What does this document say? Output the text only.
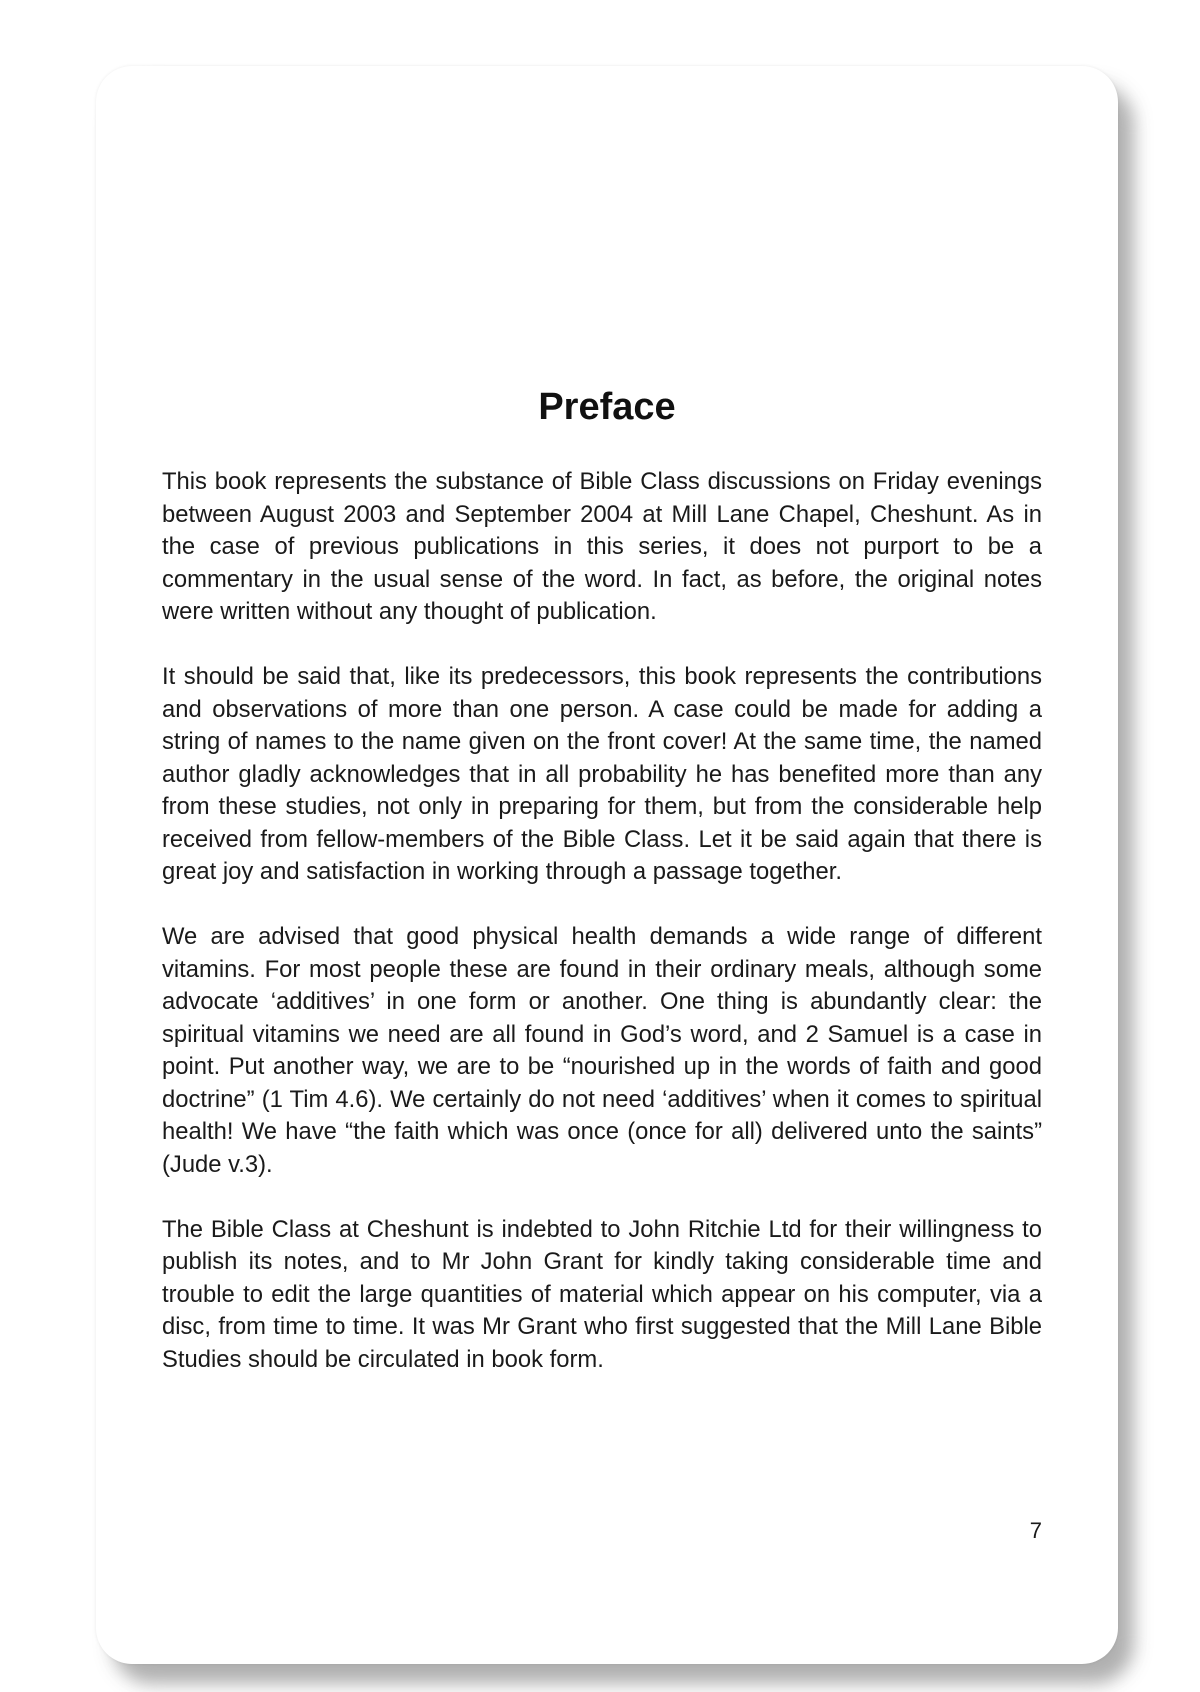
Preface

This book represents the substance of Bible Class discussions on Friday evenings between August 2003 and September 2004 at Mill Lane Chapel, Cheshunt. As in the case of previous publications in this series, it does not purport to be a commentary in the usual sense of the word. In fact, as before, the original notes were written without any thought of publication.

It should be said that, like its predecessors, this book represents the contributions and observations of more than one person. A case could be made for adding a string of names to the name given on the front cover! At the same time, the named author gladly acknowledges that in all probability he has benefited more than any from these studies, not only in preparing for them, but from the considerable help received from fellow-members of the Bible Class. Let it be said again that there is great joy and satisfaction in working through a passage together.

We are advised that good physical health demands a wide range of different vitamins. For most people these are found in their ordinary meals, although some advocate ‘additives’ in one form or another. One thing is abundantly clear: the spiritual vitamins we need are all found in God’s word, and 2 Samuel is a case in point. Put another way, we are to be “nourished up in the words of faith and good doctrine” (1 Tim 4.6). We certainly do not need ‘additives’ when it comes to spiritual health! We have “the faith which was once (once for all) delivered unto the saints” (Jude v.3).

The Bible Class at Cheshunt is indebted to John Ritchie Ltd for their willingness to publish its notes, and to Mr John Grant for kindly taking considerable time and trouble to edit the large quantities of material which appear on his computer, via a disc, from time to time. It was Mr Grant who first suggested that the Mill Lane Bible Studies should be circulated in book form.

7
